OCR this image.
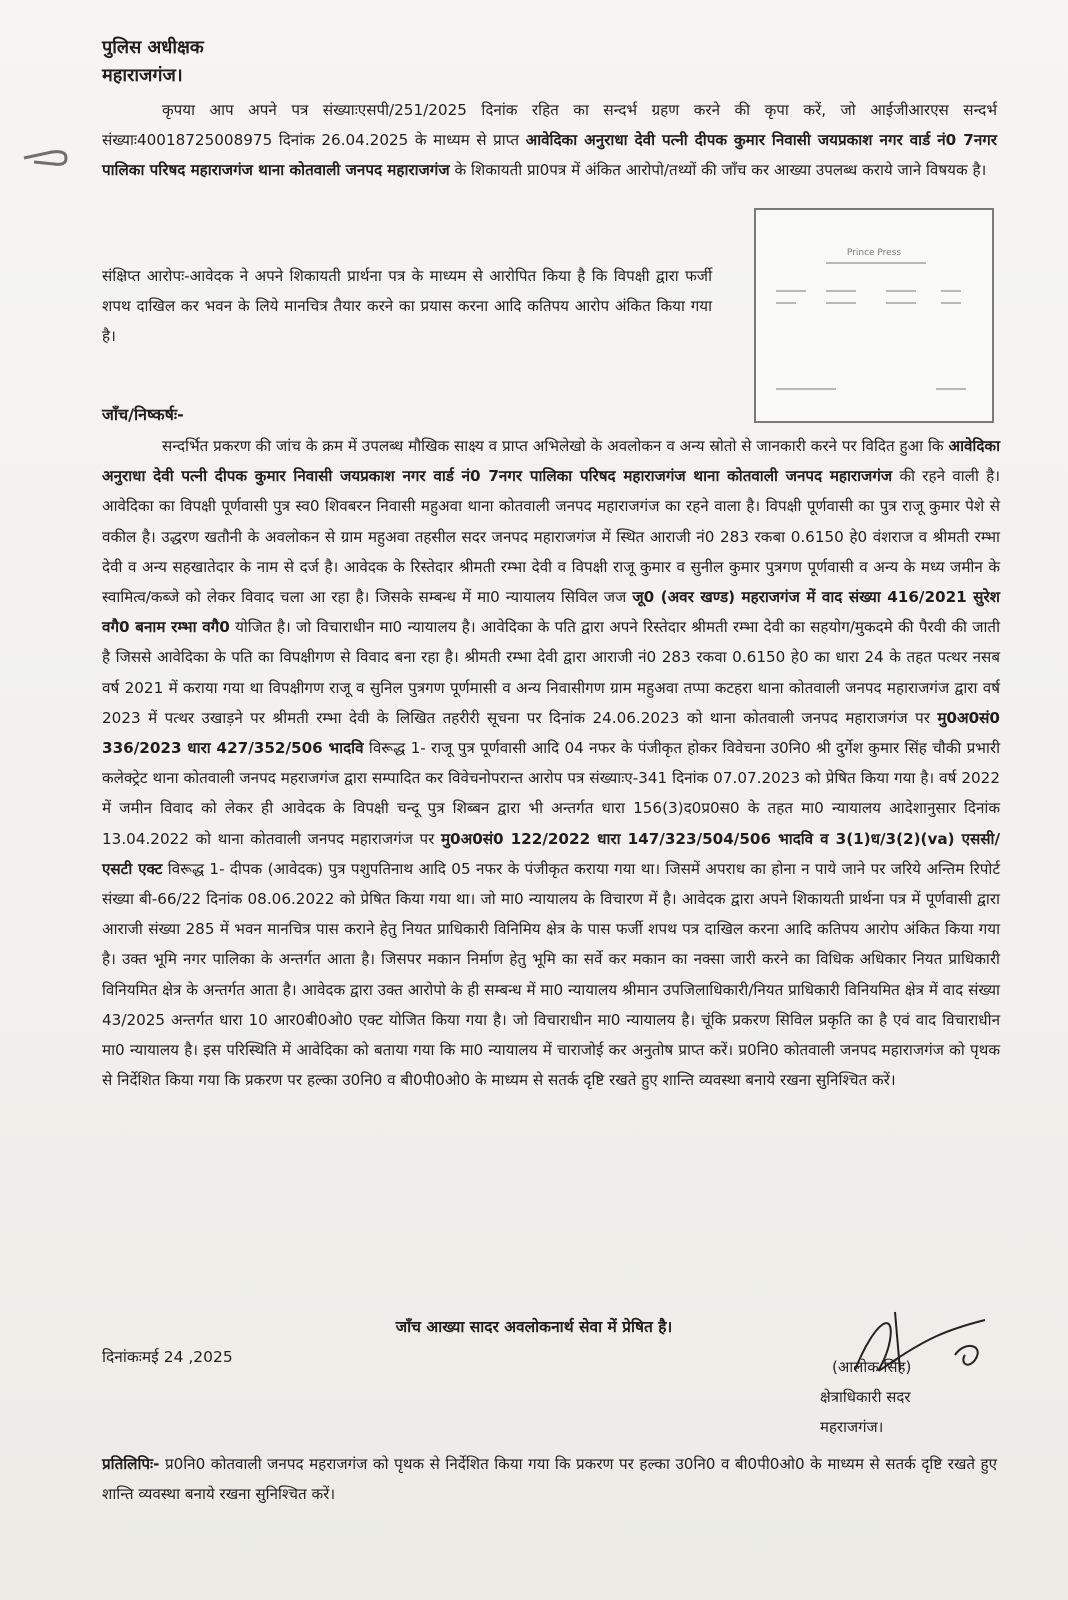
पुलिस अधीक्षक
महाराजगंज।
कृपया आप अपने पत्र संख्याःएसपी/251/2025 दिनांक रहित का सन्दर्भ ग्रहण करने की कृपा करें, जो आईजीआरएस सन्दर्भ संख्याः40018725008975 दिनांक 26.04.2025 के माध्यम से प्राप्त आवेदिका अनुराधा देवी पत्नी दीपक कुमार निवासी जयप्रकाश नगर वार्ड नं0 7नगर पालिका परिषद महाराजगंज थाना कोतवाली जनपद महाराजगंज के शिकायती प्रा0पत्र में अंकित आरोपो/तथ्यों की जाँच कर आख्या उपलब्ध कराये जाने विषयक है।
Prince Press
संक्षिप्त आरोपः-आवेदक ने अपने शिकायती प्रार्थना पत्र के माध्यम से आरोपित किया है कि विपक्षी द्वारा फर्जी शपथ दाखिल कर भवन के लिये मानचित्र तैयार करने का प्रयास करना आदि कतिपय आरोप अंकित किया गया है।
जाँच/निष्कर्षः-
सन्दर्भित प्रकरण की जांच के क्रम में उपलब्ध मौखिक साक्ष्य व प्राप्त अभिलेखो के अवलोकन व अन्य स्रोतो से जानकारी करने पर विदित हुआ कि आवेदिका अनुराधा देवी पत्नी दीपक कुमार निवासी जयप्रकाश नगर वार्ड नं0 7नगर पालिका परिषद महाराजगंज थाना कोतवाली जनपद महाराजगंज की रहने वाली है। आवेदिका का विपक्षी पूर्णवासी पुत्र स्व0 शिवबरन निवासी महुअवा थाना कोतवाली जनपद महाराजगंज का रहने वाला है। विपक्षी पूर्णवासी का पुत्र राजू कुमार पेशे से वकील है। उद्धरण खतौनी के अवलोकन से ग्राम महुअवा तहसील सदर जनपद महाराजगंज में स्थित आराजी नं0 283 रकबा 0.6150 हे0 वंशराज व श्रीमती रम्भा देवी व अन्य सहखातेदार के नाम से दर्ज है। आवेदक के रिस्तेदार श्रीमती रम्भा देवी व विपक्षी राजू कुमार व सुनील कुमार पुत्रगण पूर्णवासी व अन्य के मध्य जमीन के स्वामित्व/कब्जे को लेकर विवाद चला आ रहा है। जिसके सम्बन्ध में मा0 न्यायालय सिविल जज जू0 (अवर खण्ड) महराजगंज में वाद संख्या 416/2021 सुरेश वगै0 बनाम रम्भा वगै0 योजित है। जो विचाराधीन मा0 न्यायालय है। आवेदिका के पति द्वारा अपने रिस्तेदार श्रीमती रम्भा देवी का सहयोग/मुकदमे की पैरवी की जाती है जिससे आवेदिका के पति का विपक्षीगण से विवाद बना रहा है। श्रीमती रम्भा देवी द्वारा आराजी नं0 283 रकवा 0.6150 हे0 का धारा 24 के तहत पत्थर नसब वर्ष 2021 में कराया गया था विपक्षीगण राजू व सुनिल पुत्रगण पूर्णमासी व अन्य निवासीगण ग्राम महुअवा तप्पा कटहरा थाना कोतवाली जनपद महाराजगंज द्वारा वर्ष 2023 में पत्थर उखाड़ने पर श्रीमती रम्भा देवी के लिखित तहरीरी सूचना पर दिनांक 24.06.2023 को थाना कोतवाली जनपद महाराजगंज पर मु0अ0सं0 336/2023 धारा 427/352/506 भादवि विरूद्ध 1- राजू पुत्र पूर्णवासी आदि 04 नफर के पंजीकृत होकर विवेचना उ0नि0 श्री दुर्गेश कुमार सिंह चौकी प्रभारी कलेक्ट्रेट थाना कोतवाली जनपद महराजगंज द्वारा सम्पादित कर विवेचनोपरान्त आरोप पत्र संख्याःए-341 दिनांक 07.07.2023 को प्रेषित किया गया है। वर्ष 2022 में जमीन विवाद को लेकर ही आवेदक के विपक्षी चन्दू पुत्र शिब्बन द्वारा भी अन्तर्गत धारा 156(3)द0प्र0स0 के तहत मा0 न्यायालय आदेशानुसार दिनांक 13.04.2022 को थाना कोतवाली जनपद महाराजगंज पर मु0अ0सं0 122/2022 धारा 147/323/504/506 भादवि व 3(1)ध/3(2)(va) एससी/एसटी एक्ट विरूद्ध 1- दीपक (आवेदक) पुत्र पशुपतिनाथ आदि 05 नफर के पंजीकृत कराया गया था। जिसमें अपराध का होना न पाये जाने पर जरिये अन्तिम रिपोर्ट संख्या बी-66/22 दिनांक 08.06.2022 को प्रेषित किया गया था। जो मा0 न्यायालय के विचारण में है। आवेदक द्वारा अपने शिकायती प्रार्थना पत्र में पूर्णवासी द्वारा आराजी संख्या 285 में भवन मानचित्र पास कराने हेतु नियत प्राधिकारी विनिमिय क्षेत्र के पास फर्जी शपथ पत्र दाखिल करना आदि कतिपय आरोप अंकित किया गया है। उक्त भूमि नगर पालिका के अन्तर्गत आता है। जिसपर मकान निर्माण हेतु भूमि का सर्वे कर मकान का नक्सा जारी करने का विधिक अधिकार नियत प्राधिकारी विनियमित क्षेत्र के अन्तर्गत आता है। आवेदक द्वारा उक्त आरोपो के ही सम्बन्ध में मा0 न्यायालय श्रीमान उपजिलाधिकारी/नियत प्राधिकारी विनियमित क्षेत्र में वाद संख्या 43/2025 अन्तर्गत धारा 10 आर0बी0ओ0 एक्ट योजित किया गया है। जो विचाराधीन मा0 न्यायालय है। चूंकि प्रकरण सिविल प्रकृति का है एवं वाद विचाराधीन मा0 न्यायालय है। इस परिस्थिति में आवेदिका को बताया गया कि मा0 न्यायालय में चाराजोई कर अनुतोष प्राप्त करें। प्र0नि0 कोतवाली जनपद महाराजगंज को पृथक से निर्देशित किया गया कि प्रकरण पर हल्का उ0नि0 व बी0पी0ओ0 के माध्यम से सतर्क दृष्टि रखते हुए शान्ति व्यवस्था बनाये रखना सुनिश्चित करें।
जाँच आख्या सादर अवलोकनार्थ सेवा में प्रेषित है।
दिनांकःमई 24 ,2025
(आलोक सिंह)
क्षेत्राधिकारी सदर
महराजगंज।
प्रतिलिपिः- प्र0नि0 कोतवाली जनपद महराजगंज को पृथक से निर्देशित किया गया कि प्रकरण पर हल्का उ0नि0 व बी0पी0ओ0 के माध्यम से सतर्क दृष्टि रखते हुए शान्ति व्यवस्था बनाये रखना सुनिश्चित करें।
